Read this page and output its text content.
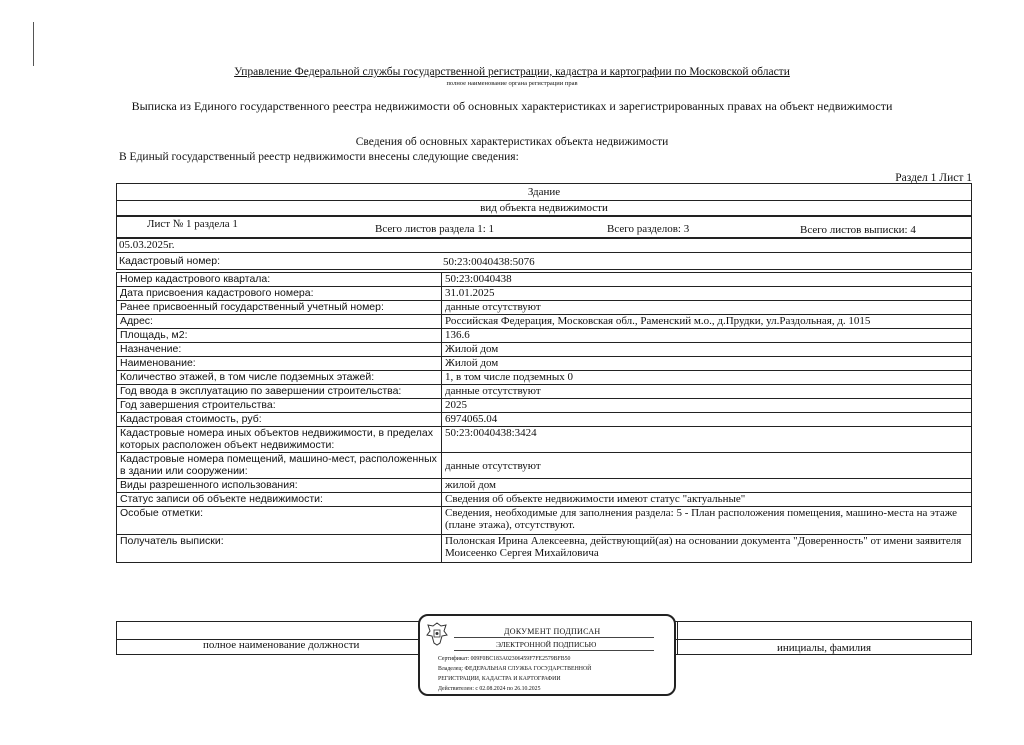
Управление Федеральной службы государственной регистрации, кадастра и картографии по Московской области
полное наименование органа регистрации прав
Выписка из Единого государственного реестра недвижимости об основных характеристиках и зарегистрированных правах на объект недвижимости
Сведения об основных характеристиках объекта недвижимости
В Единый государственный реестр недвижимости внесены следующие сведения:
Раздел 1 Лист 1
Здание
вид объекта недвижимости
Лист № 1 раздела 1	Всего листов раздела 1: 1	Всего разделов: 3	Всего листов выписки: 4
05.03.2025г.
Кадастровый номер:	50:23:0040438:5076
Номер кадастрового квартала:	50:23:0040438
Дата присвоения кадастрового номера:	31.01.2025
Ранее присвоенный государственный учетный номер:	данные отсутствуют
Адрес:	Российская Федерация, Московская обл., Раменский м.о., д.Прудки, ул.Раздольная, д. 1015
Площадь, м2:	136.6
Назначение:	Жилой дом
Наименование:	Жилой дом
Количество этажей, в том числе подземных этажей:	1, в том числе подземных 0
Год ввода в эксплуатацию по завершении строительства:	данные отсутствуют
Год завершения строительства:	2025
Кадастровая стоимость, руб:	6974065.04
Кадастровые номера иных объектов недвижимости, в пределах которых расположен объект недвижимости:	50:23:0040438:3424
Кадастровые номера помещений, машино-мест, расположенных в здании или сооружении:	данные отсутствуют
Виды разрешенного использования:	жилой дом
Статус записи об объекте недвижимости:	Сведения об объекте недвижимости имеют статус "актуальные"
Особые отметки:	Сведения, необходимые для заполнения раздела: 5 - План расположения помещения, машино-места на этаже (плане этажа), отсутствуют.
Получатель выписки:	Полонская Ирина Алексеевна, действующий(ая) на основании документа "Доверенность" от имени заявителя Моисеенко Сергея Михайловича
полное наименование должности	инициалы, фамилия
ДОКУМЕНТ ПОДПИСАН
ЭЛЕКТРОННОЙ ПОДПИСЬЮ
Сертификат: 009F0BC183A02306459F7FE2579BFB50
Владелец: ФЕДЕРАЛЬНАЯ СЛУЖБА ГОСУДАРСТВЕННОЙ
РЕГИСТРАЦИИ, КАДАСТРА И КАРТОГРАФИИ
Действителен: с 02.08.2024 по 26.10.2025
